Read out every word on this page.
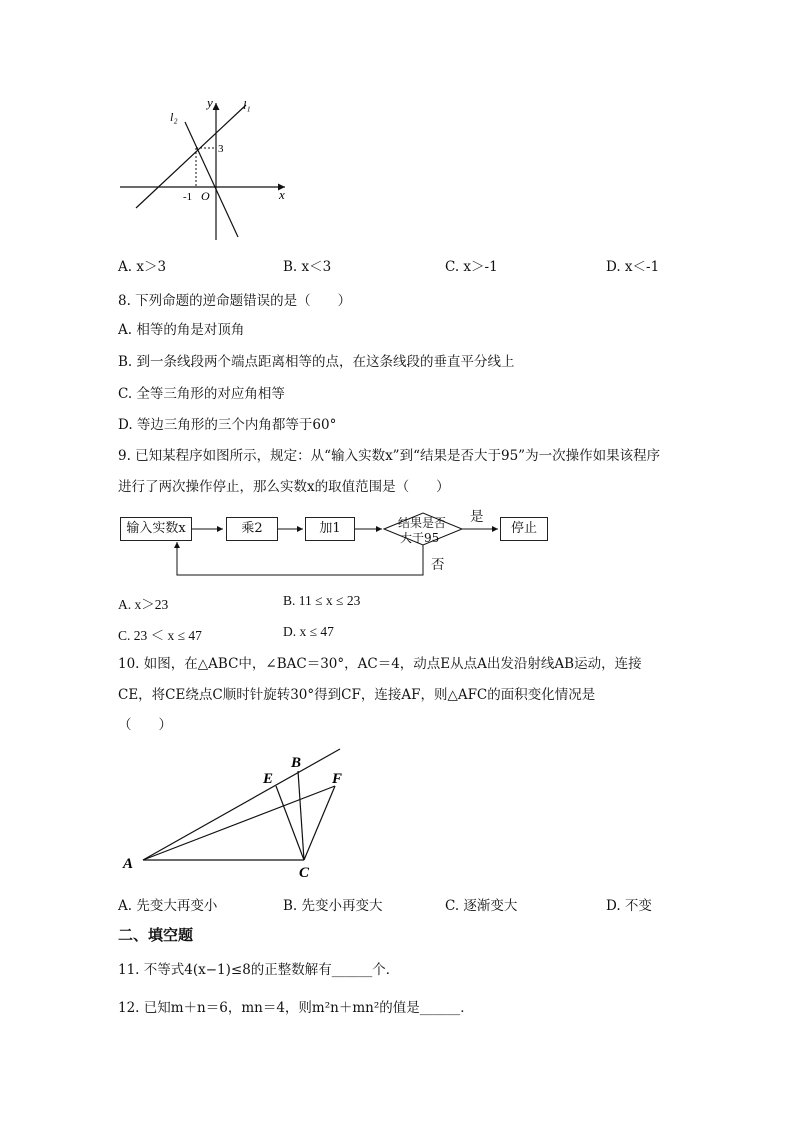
y
x
O
l₁
l₂
3
-1
A. x＞3	B. x＜3	C. x＞-1	D. x＜-1
8. 下列命题的逆命题错误的是（　　）
A. 相等的角是对顶角
B. 到一条线段两个端点距离相等的点，在这条线段的垂直平分线上
C. 全等三角形的对应角相等
D. 等边三角形的三个内角都等于60°
9. 已知某程序如图所示，规定：从“输入实数x”到“结果是否大于95”为一次操作如果该程序
进行了两次操作停止，那么实数x的取值范围是（　　）
输入实数x	乘2	加1	结果是否
大于95
停止
是
否
A. x＞23	B. 11 ≤ x ≤ 23
C. 23 ＜ x ≤ 47	D. x ≤ 47
10. 如图，在△ABC中，∠BAC＝30°，AC＝4，动点E从点A出发沿射线AB运动，连接
CE，将CE绕点C顺时针旋转30°得到CF，连接AF，则△AFC的面积变化情况是
（　　）
A
B
C
E	F
A. 先变大再变小	B. 先变小再变大	C. 逐渐变大	D. 不变
二、填空题
11. 不等式4(x−1)≤8的正整数解有______个．
12. 已知m＋n＝6，mn＝4，则m²n＋mn²的值是______．
